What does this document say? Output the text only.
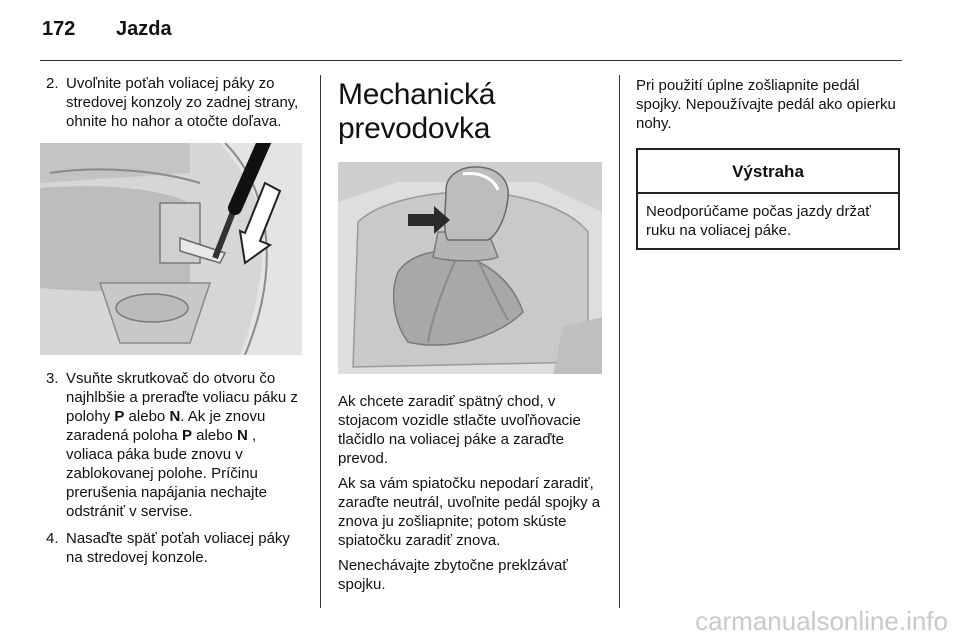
172 Jazda
2. Uvoľnite poťah voliacej páky zo stredovej konzoly zo zadnej strany, ohnite ho nahor a otočte doľava.
3. Vsuňte skrutkovač do otvoru čo najhlbšie a preraďte voliacu páku z polohy P alebo N. Ak je znovu zaradená poloha P alebo N , voliaca páka bude znovu v zablokovanej polohe. Príčinu prerušenia napájania nechajte odstrániť v servise.
4. Nasaďte späť poťah voliacej páky na stredovej konzole.
Mechanická
prevodovka

Ak chcete zaradiť spätný chod, v stojacom vozidle stlačte uvoľňovacie tlačidlo na voliacej páke a zaraďte prevod.

Ak sa vám spiatočku nepodarí zaradiť, zaraďte neutrál, uvoľnite pedál spojky a znova ju zošliapnite; potom skúste spiatočku zaradiť znova.

Nenechávajte zbytočne preklzávať spojku.

Pri použití úplne zošliapnite pedál spojky. Nepoužívajte pedál ako opierku nohy.

Výstraha
Neodporúčame počas jazdy držať ruku na voliacej páke.
carmanualsonline.info
